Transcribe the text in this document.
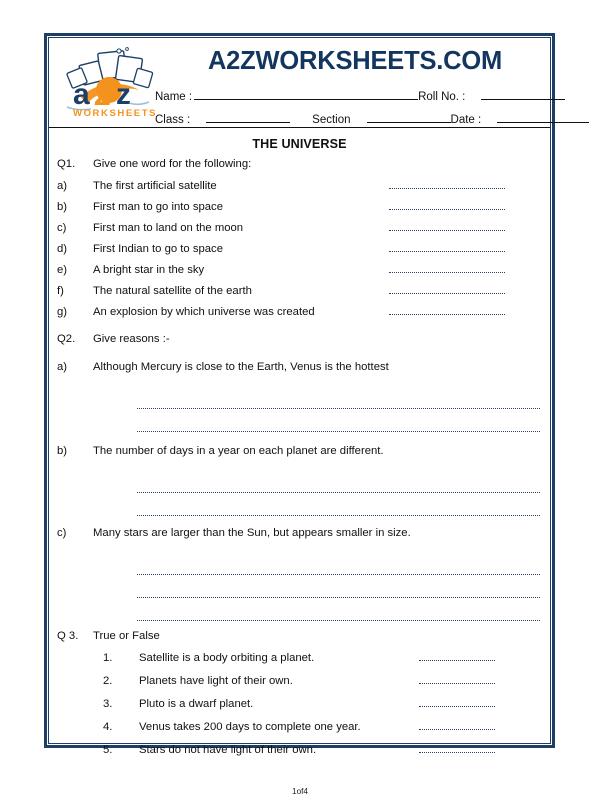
a 2 z
WORKSHEETS
A2ZWORKSHEETS.COM
Name :	Roll No. :
Class :	Section	Date :
THE UNIVERSE
Q1.	Give one word for the following:
a)	The first artificial satellite
b)	First man to go into space
c)	First man to land on the moon
d)	First Indian to go to space
e)	A bright star in the sky
f)	The natural satellite of the earth
g)	An explosion by which universe was created
Q2.	Give reasons :-
a)	Although Mercury is close to the Earth, Venus is the hottest
b)	The number of days in a year on each planet are different.
c)	Many stars are larger than the Sun, but appears smaller in size.
Q 3.	True or False
1.	Satellite is a body orbiting a planet.
2.	Planets have light of their own.
3.	Pluto is a dwarf planet.
4.	Venus takes 200 days to complete one year.
5.	Stars do not have light of their own.
1of4
